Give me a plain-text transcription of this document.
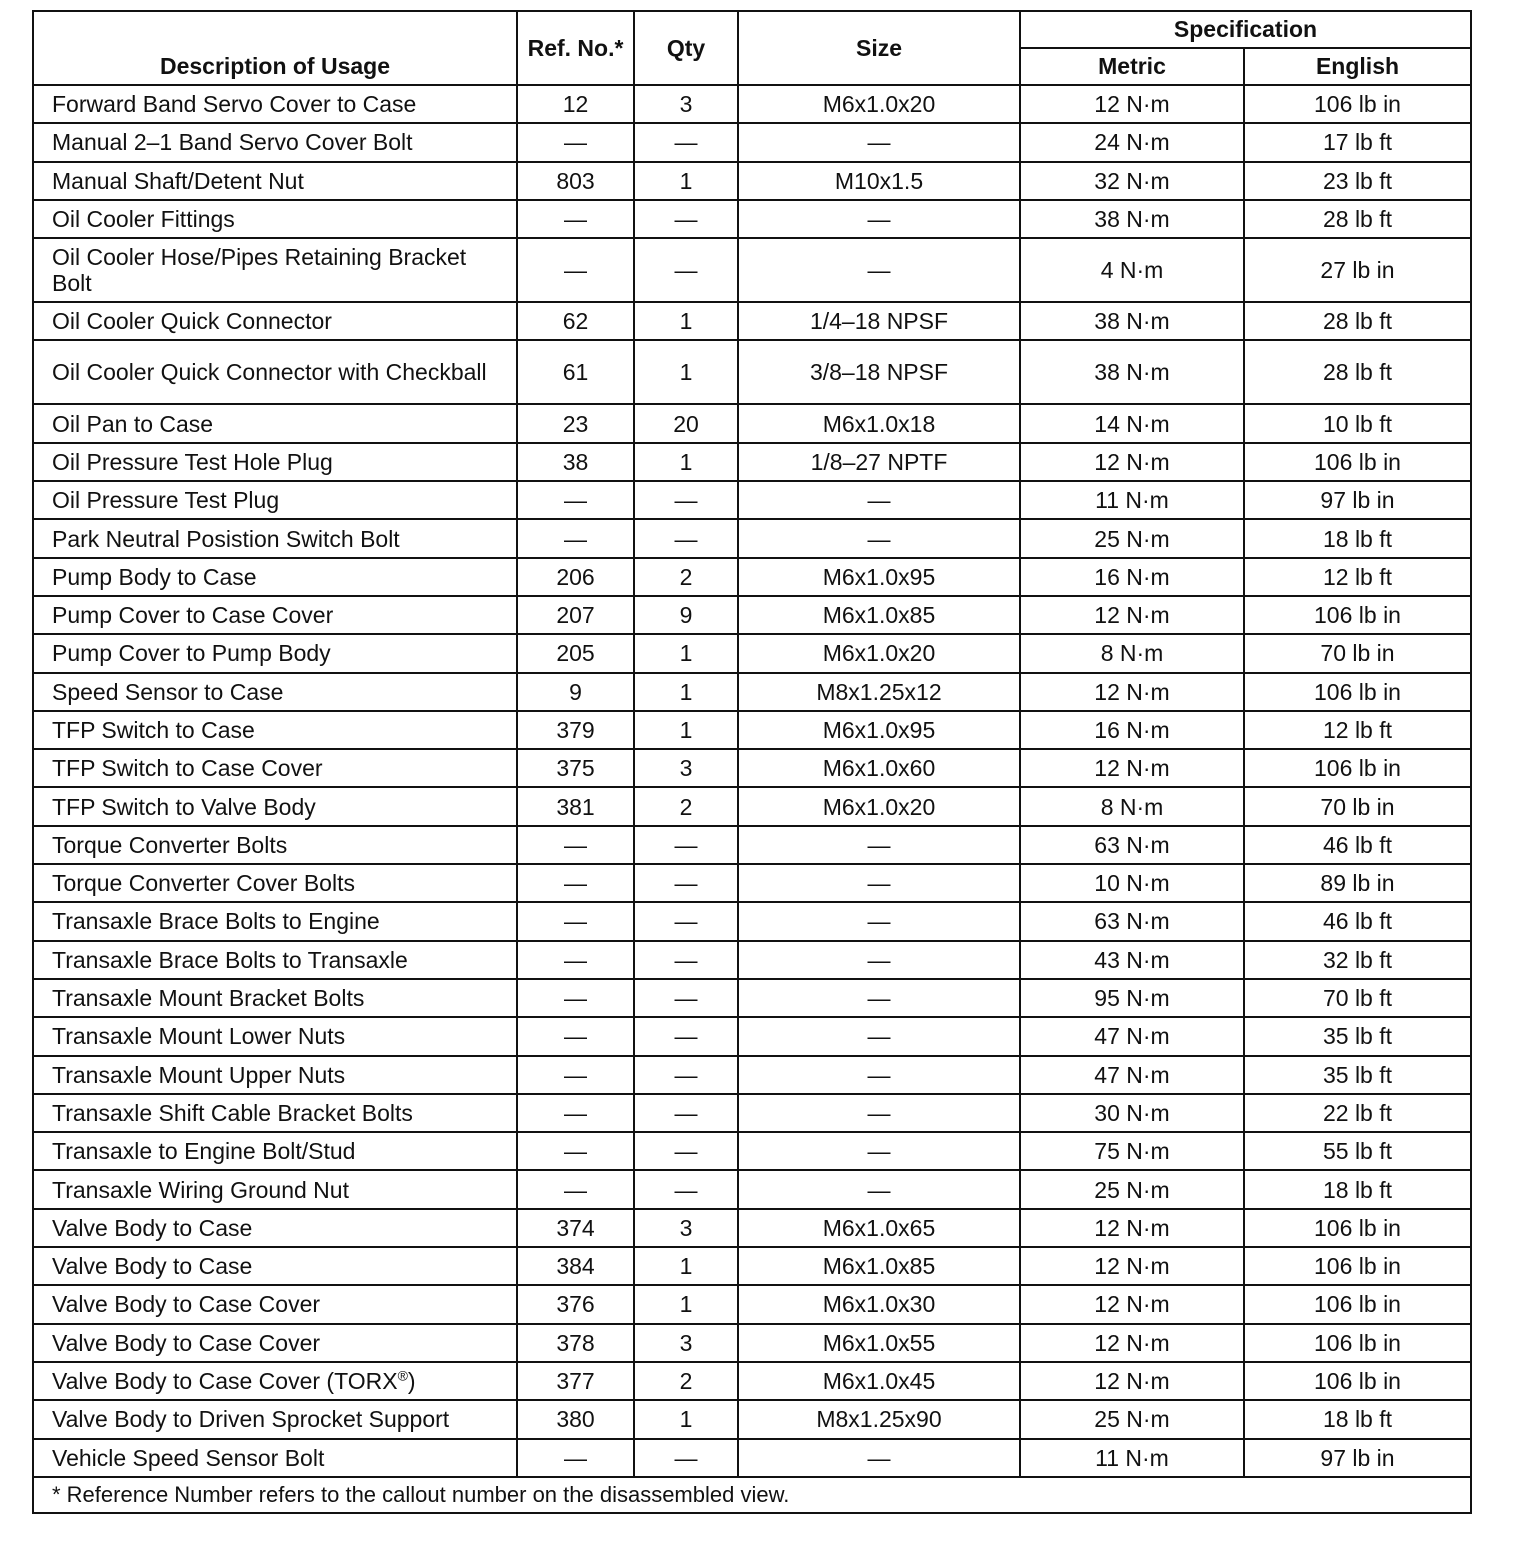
Description of Usage	Ref. No.*	Qty	Size	Specification	
				Metric	English
Forward Band Servo Cover to Case	12	3	M6x1.0x20	12 N·m	106 lb in
Manual 2–1 Band Servo Cover Bolt	—	—	—	24 N·m	17 lb ft
Manual Shaft/Detent Nut	803	1	M10x1.5	32 N·m	23 lb ft
Oil Cooler Fittings	—	—	—	38 N·m	28 lb ft
Oil Cooler Hose/Pipes Retaining Bracket Bolt	—	—	—	4 N·m	27 lb in
Oil Cooler Quick Connector	62	1	1/4–18 NPSF	38 N·m	28 lb ft
Oil Cooler Quick Connector with Checkball	61	1	3/8–18 NPSF	38 N·m	28 lb ft
Oil Pan to Case	23	20	M6x1.0x18	14 N·m	10 lb ft
Oil Pressure Test Hole Plug	38	1	1/8–27 NPTF	12 N·m	106 lb in
Oil Pressure Test Plug	—	—	—	11 N·m	97 lb in
Park Neutral Posistion Switch Bolt	—	—	—	25 N·m	18 lb ft
Pump Body to Case	206	2	M6x1.0x95	16 N·m	12 lb ft
Pump Cover to Case Cover	207	9	M6x1.0x85	12 N·m	106 lb in
Pump Cover to Pump Body	205	1	M6x1.0x20	8 N·m	70 lb in
Speed Sensor to Case	9	1	M8x1.25x12	12 N·m	106 lb in
TFP Switch to Case	379	1	M6x1.0x95	16 N·m	12 lb ft
TFP Switch to Case Cover	375	3	M6x1.0x60	12 N·m	106 lb in
TFP Switch to Valve Body	381	2	M6x1.0x20	8 N·m	70 lb in
Torque Converter Bolts	—	—	—	63 N·m	46 lb ft
Torque Converter Cover Bolts	—	—	—	10 N·m	89 lb in
Transaxle Brace Bolts to Engine	—	—	—	63 N·m	46 lb ft
Transaxle Brace Bolts to Transaxle	—	—	—	43 N·m	32 lb ft
Transaxle Mount Bracket Bolts	—	—	—	95 N·m	70 lb ft
Transaxle Mount Lower Nuts	—	—	—	47 N·m	35 lb ft
Transaxle Mount Upper Nuts	—	—	—	47 N·m	35 lb ft
Transaxle Shift Cable Bracket Bolts	—	—	—	30 N·m	22 lb ft
Transaxle to Engine Bolt/Stud	—	—	—	75 N·m	55 lb ft
Transaxle Wiring Ground Nut	—	—	—	25 N·m	18 lb ft
Valve Body to Case	374	3	M6x1.0x65	12 N·m	106 lb in
Valve Body to Case	384	1	M6x1.0x85	12 N·m	106 lb in
Valve Body to Case Cover	376	1	M6x1.0x30	12 N·m	106 lb in
Valve Body to Case Cover	378	3	M6x1.0x55	12 N·m	106 lb in
Valve Body to Case Cover (TORX®)	377	2	M6x1.0x45	12 N·m	106 lb in
Valve Body to Driven Sprocket Support	380	1	M8x1.25x90	25 N·m	18 lb ft
Vehicle Speed Sensor Bolt	—	—	—	11 N·m	97 lb in
* Reference Number refers to the callout number on the disassembled view.					
